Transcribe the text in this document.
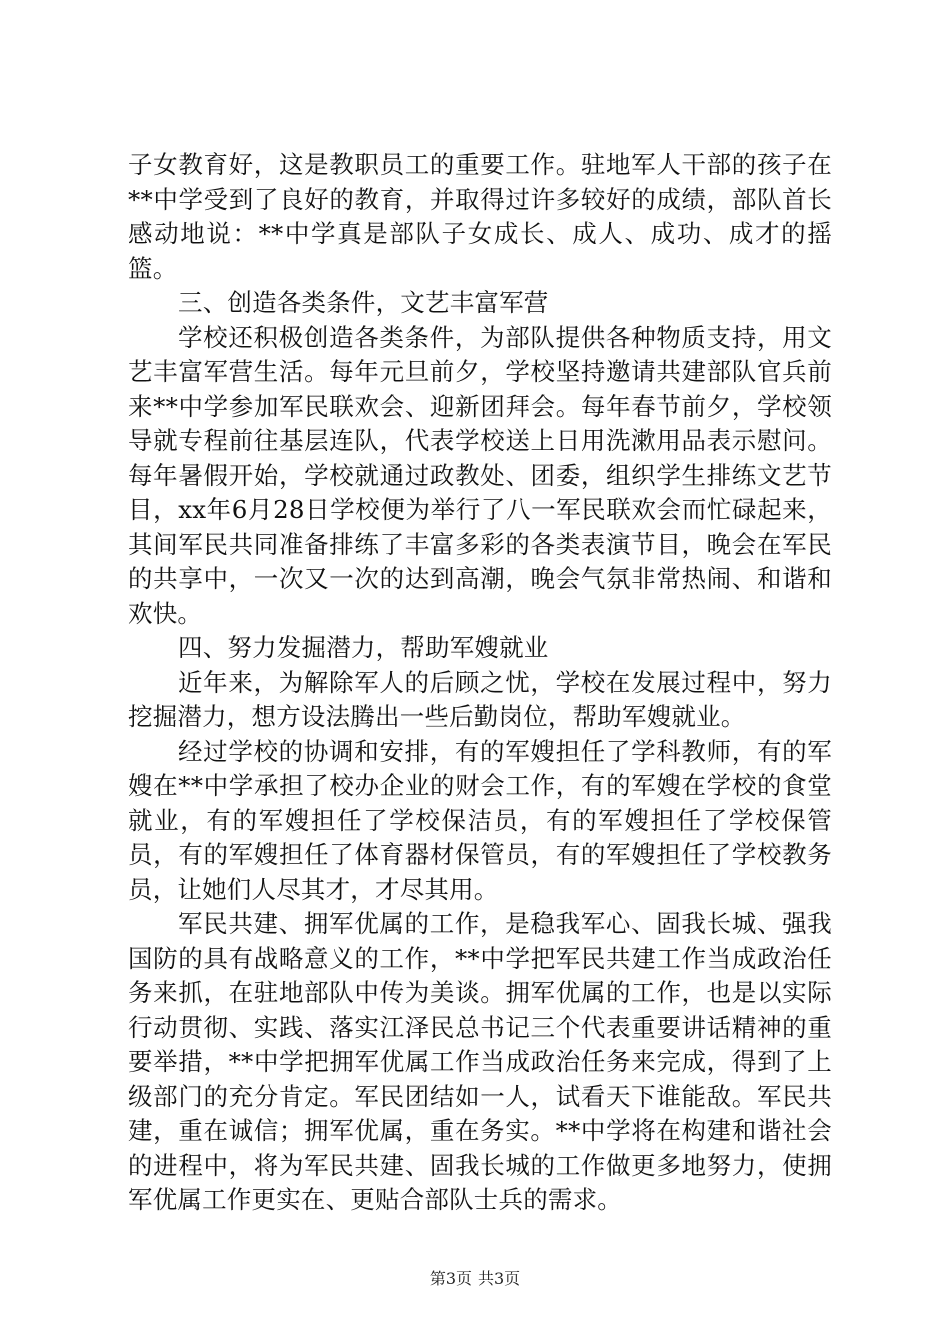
子女教育好，这是教职员工的重要工作。驻地军人干部的孩子在**中学受到了良好的教育，并取得过许多较好的成绩，部队首长感动地说：**中学真是部队子女成长、成人、成功、成才的摇篮。

三、创造各类条件，文艺丰富军营

学校还积极创造各类条件，为部队提供各种物质支持，用文艺丰富军营生活。每年元旦前夕，学校坚持邀请共建部队官兵前来**中学参加军民联欢会、迎新团拜会。每年春节前夕，学校领导就专程前往基层连队，代表学校送上日用洗漱用品表示慰问。每年暑假开始，学校就通过政教处、团委，组织学生排练文艺节目，xx年6月28日学校便为举行了八一军民联欢会而忙碌起来，其间军民共同准备排练了丰富多彩的各类表演节目，晚会在军民的共享中，一次又一次的达到高潮，晚会气氛非常热闹、和谐和欢快。

四、努力发掘潜力，帮助军嫂就业

近年来，为解除军人的后顾之忧，学校在发展过程中，努力挖掘潜力，想方设法腾出一些后勤岗位，帮助军嫂就业。

经过学校的协调和安排，有的军嫂担任了学科教师，有的军嫂在**中学承担了校办企业的财会工作，有的军嫂在学校的食堂就业，有的军嫂担任了学校保洁员，有的军嫂担任了学校保管员，有的军嫂担任了体育器材保管员，有的军嫂担任了学校教务员，让她们人尽其才，才尽其用。

军民共建、拥军优属的工作，是稳我军心、固我长城、强我国防的具有战略意义的工作，**中学把军民共建工作当成政治任务来抓，在驻地部队中传为美谈。拥军优属的工作，也是以实际行动贯彻、实践、落实江泽民总书记三个代表重要讲话精神的重要举措，**中学把拥军优属工作当成政治任务来完成，得到了上级部门的充分肯定。军民团结如一人，试看天下谁能敌。军民共建，重在诚信；拥军优属，重在务实。**中学将在构建和谐社会的进程中，将为军民共建、固我长城的工作做更多地努力，使拥军优属工作更实在、更贴合部队士兵的需求。

第3页 共3页
